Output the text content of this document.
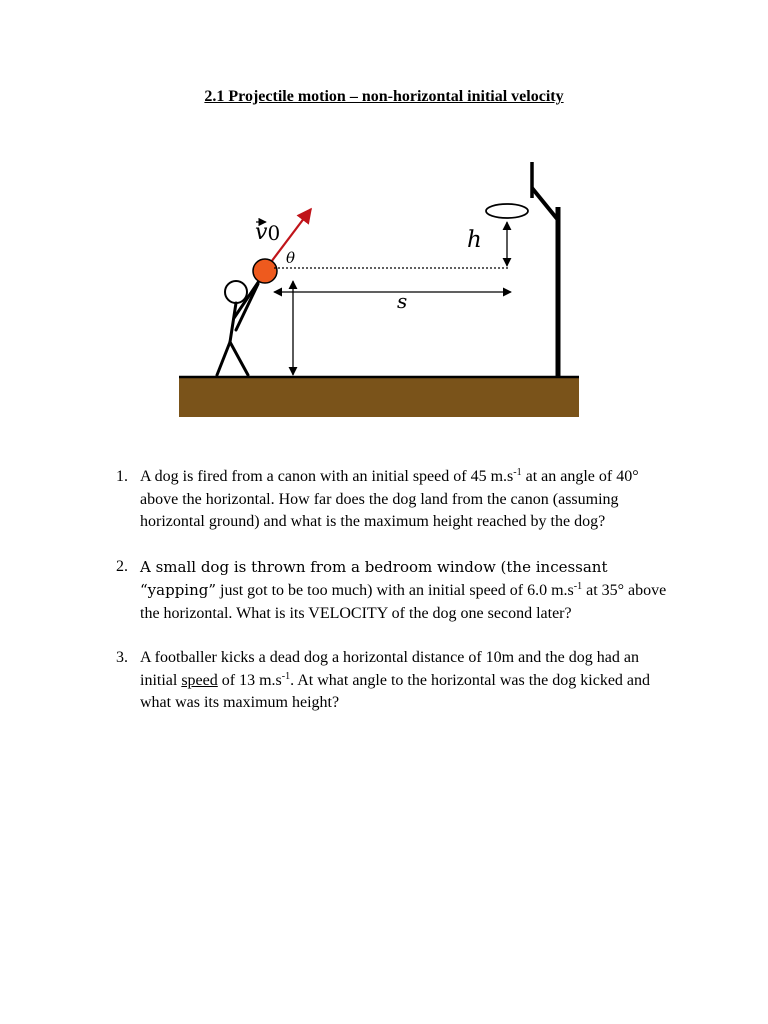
2.1 Projectile motion – non-horizontal initial velocity
v0
θ
h
s
1. A dog is fired from a canon with an initial speed of 45 $m.s^{-1}$ at an angle of 40° above the horizontal. How far does the dog land from the canon (assuming horizontal ground) and what is the maximum height reached by the dog?
2. A small dog is thrown from a bedroom window (the incessant “yapping” just got to be too much) with an initial speed of 6.0 $m.s^{-1}$ at 35° above the horizontal. What is its VELOCITY of the dog one second later?
3. A footballer kicks a dead dog a horizontal distance of 10m and the dog had an initial speed of 13 $m.s^{-1}$. At what angle to the horizontal was the dog kicked and what was its maximum height?
